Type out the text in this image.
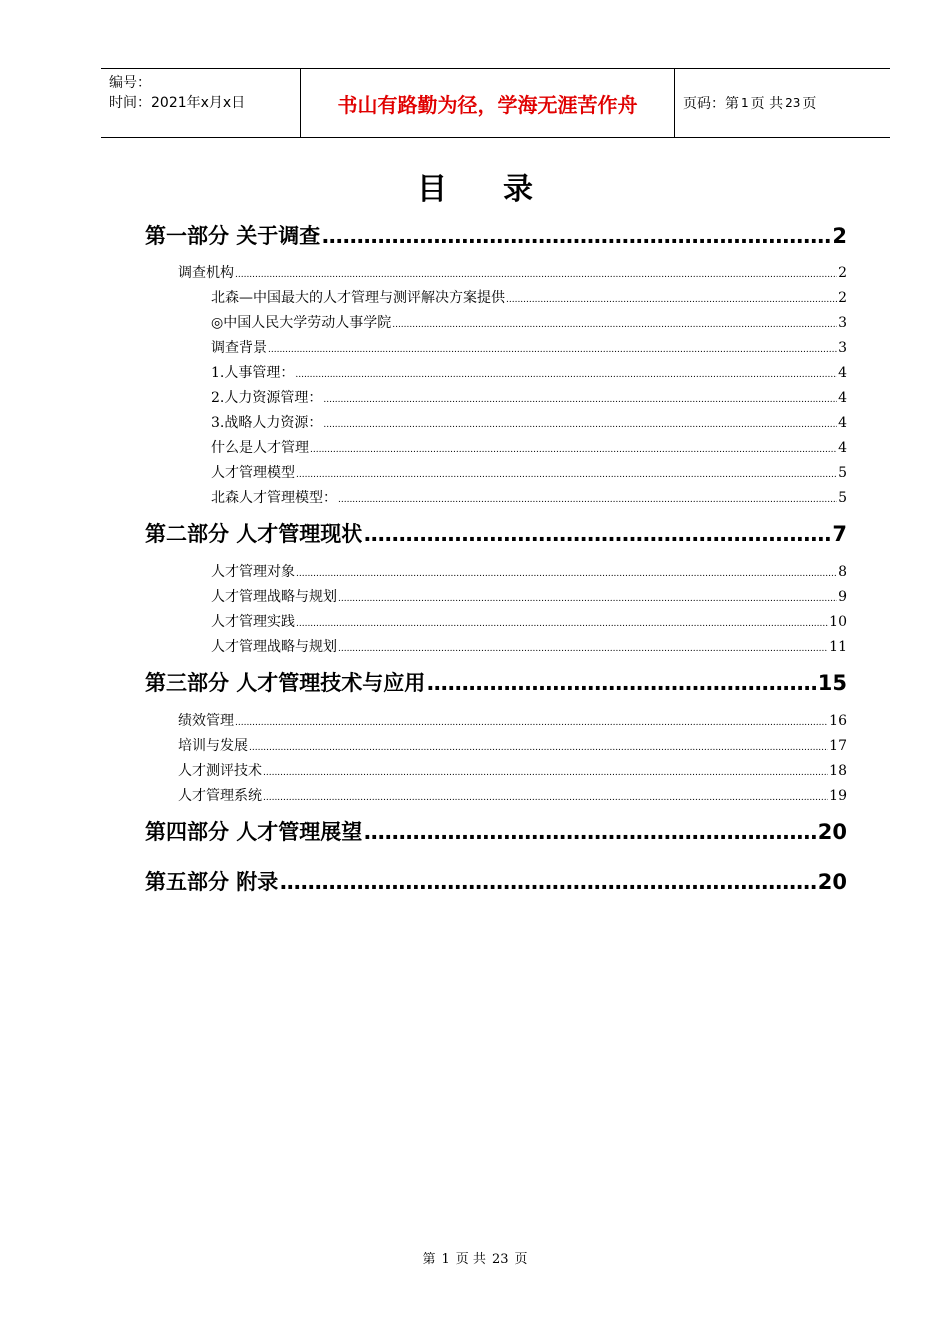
编号：
时间：2021年x月x日	书山有路勤为径，学海无涯苦作舟	页码：第 1 页 共 23 页
目 录
第一部分 关于调查 .....	2
调查机构 .....	2
北森—中国最大的人才管理与测评解决方案提供 .....	2
◎中国人民大学劳动人事学院 .....	3
调查背景 .....	3
1.人事管理： .....	4
2.人力资源管理： .....	4
3.战略人力资源： .....	4
什么是人才管理 .....	4
人才管理模型 .....	5
北森人才管理模型： .....	5
第二部分 人才管理现状 .....	7
人才管理对象 .....	8
人才管理战略与规划 .....	9
人才管理实践 .....	10
人才管理战略与规划 .....	11
第三部分 人才管理技术与应用 .....	15
绩效管理 .....	16
培训与发展 .....	17
人才测评技术 .....	18
人才管理系统 .....	19
第四部分 人才管理展望 .....	20
第五部分 附录 .....	20
第 1 页 共 23 页
